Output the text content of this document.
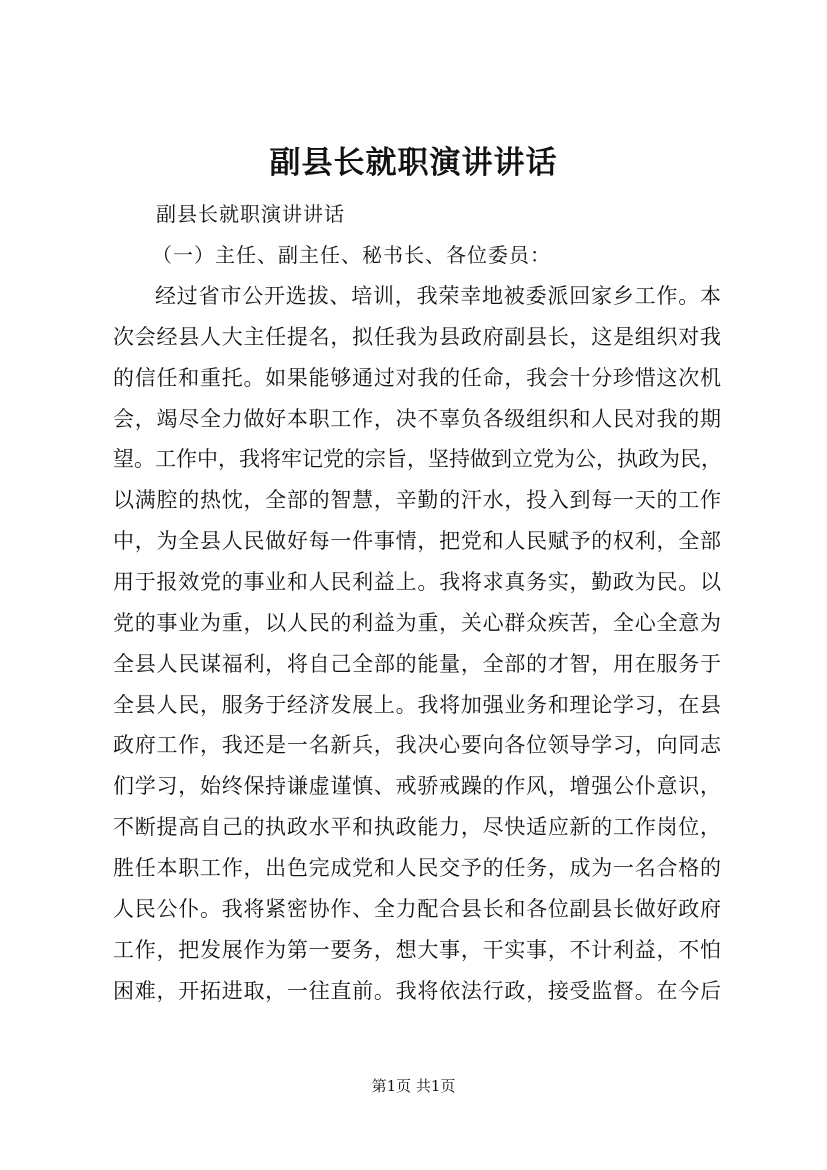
副县长就职演讲讲话
副县长就职演讲讲话
（一）主任、副主任、秘书长、各位委员：
经过省市公开选拔、培训，我荣幸地被委派回家乡工作。本
次会经县人大主任提名，拟任我为县政府副县长，这是组织对我
的信任和重托。如果能够通过对我的任命，我会十分珍惜这次机
会，竭尽全力做好本职工作，决不辜负各级组织和人民对我的期
望。工作中，我将牢记党的宗旨，坚持做到立党为公，执政为民，
以满腔的热忱，全部的智慧，辛勤的汗水，投入到每一天的工作
中，为全县人民做好每一件事情，把党和人民赋予的权利，全部
用于报效党的事业和人民利益上。我将求真务实，勤政为民。以
党的事业为重，以人民的利益为重，关心群众疾苦，全心全意为
全县人民谋福利，将自己全部的能量，全部的才智，用在服务于
全县人民，服务于经济发展上。我将加强业务和理论学习，在县
政府工作，我还是一名新兵，我决心要向各位领导学习，向同志
们学习，始终保持谦虚谨慎、戒骄戒躁的作风，增强公仆意识，
不断提高自己的执政水平和执政能力，尽快适应新的工作岗位，
胜任本职工作，出色完成党和人民交予的任务，成为一名合格的
人民公仆。我将紧密协作、全力配合县长和各位副县长做好政府
工作，把发展作为第一要务，想大事，干实事，不计利益，不怕
困难，开拓进取，一往直前。我将依法行政，接受监督。在今后
第1页 共1页
